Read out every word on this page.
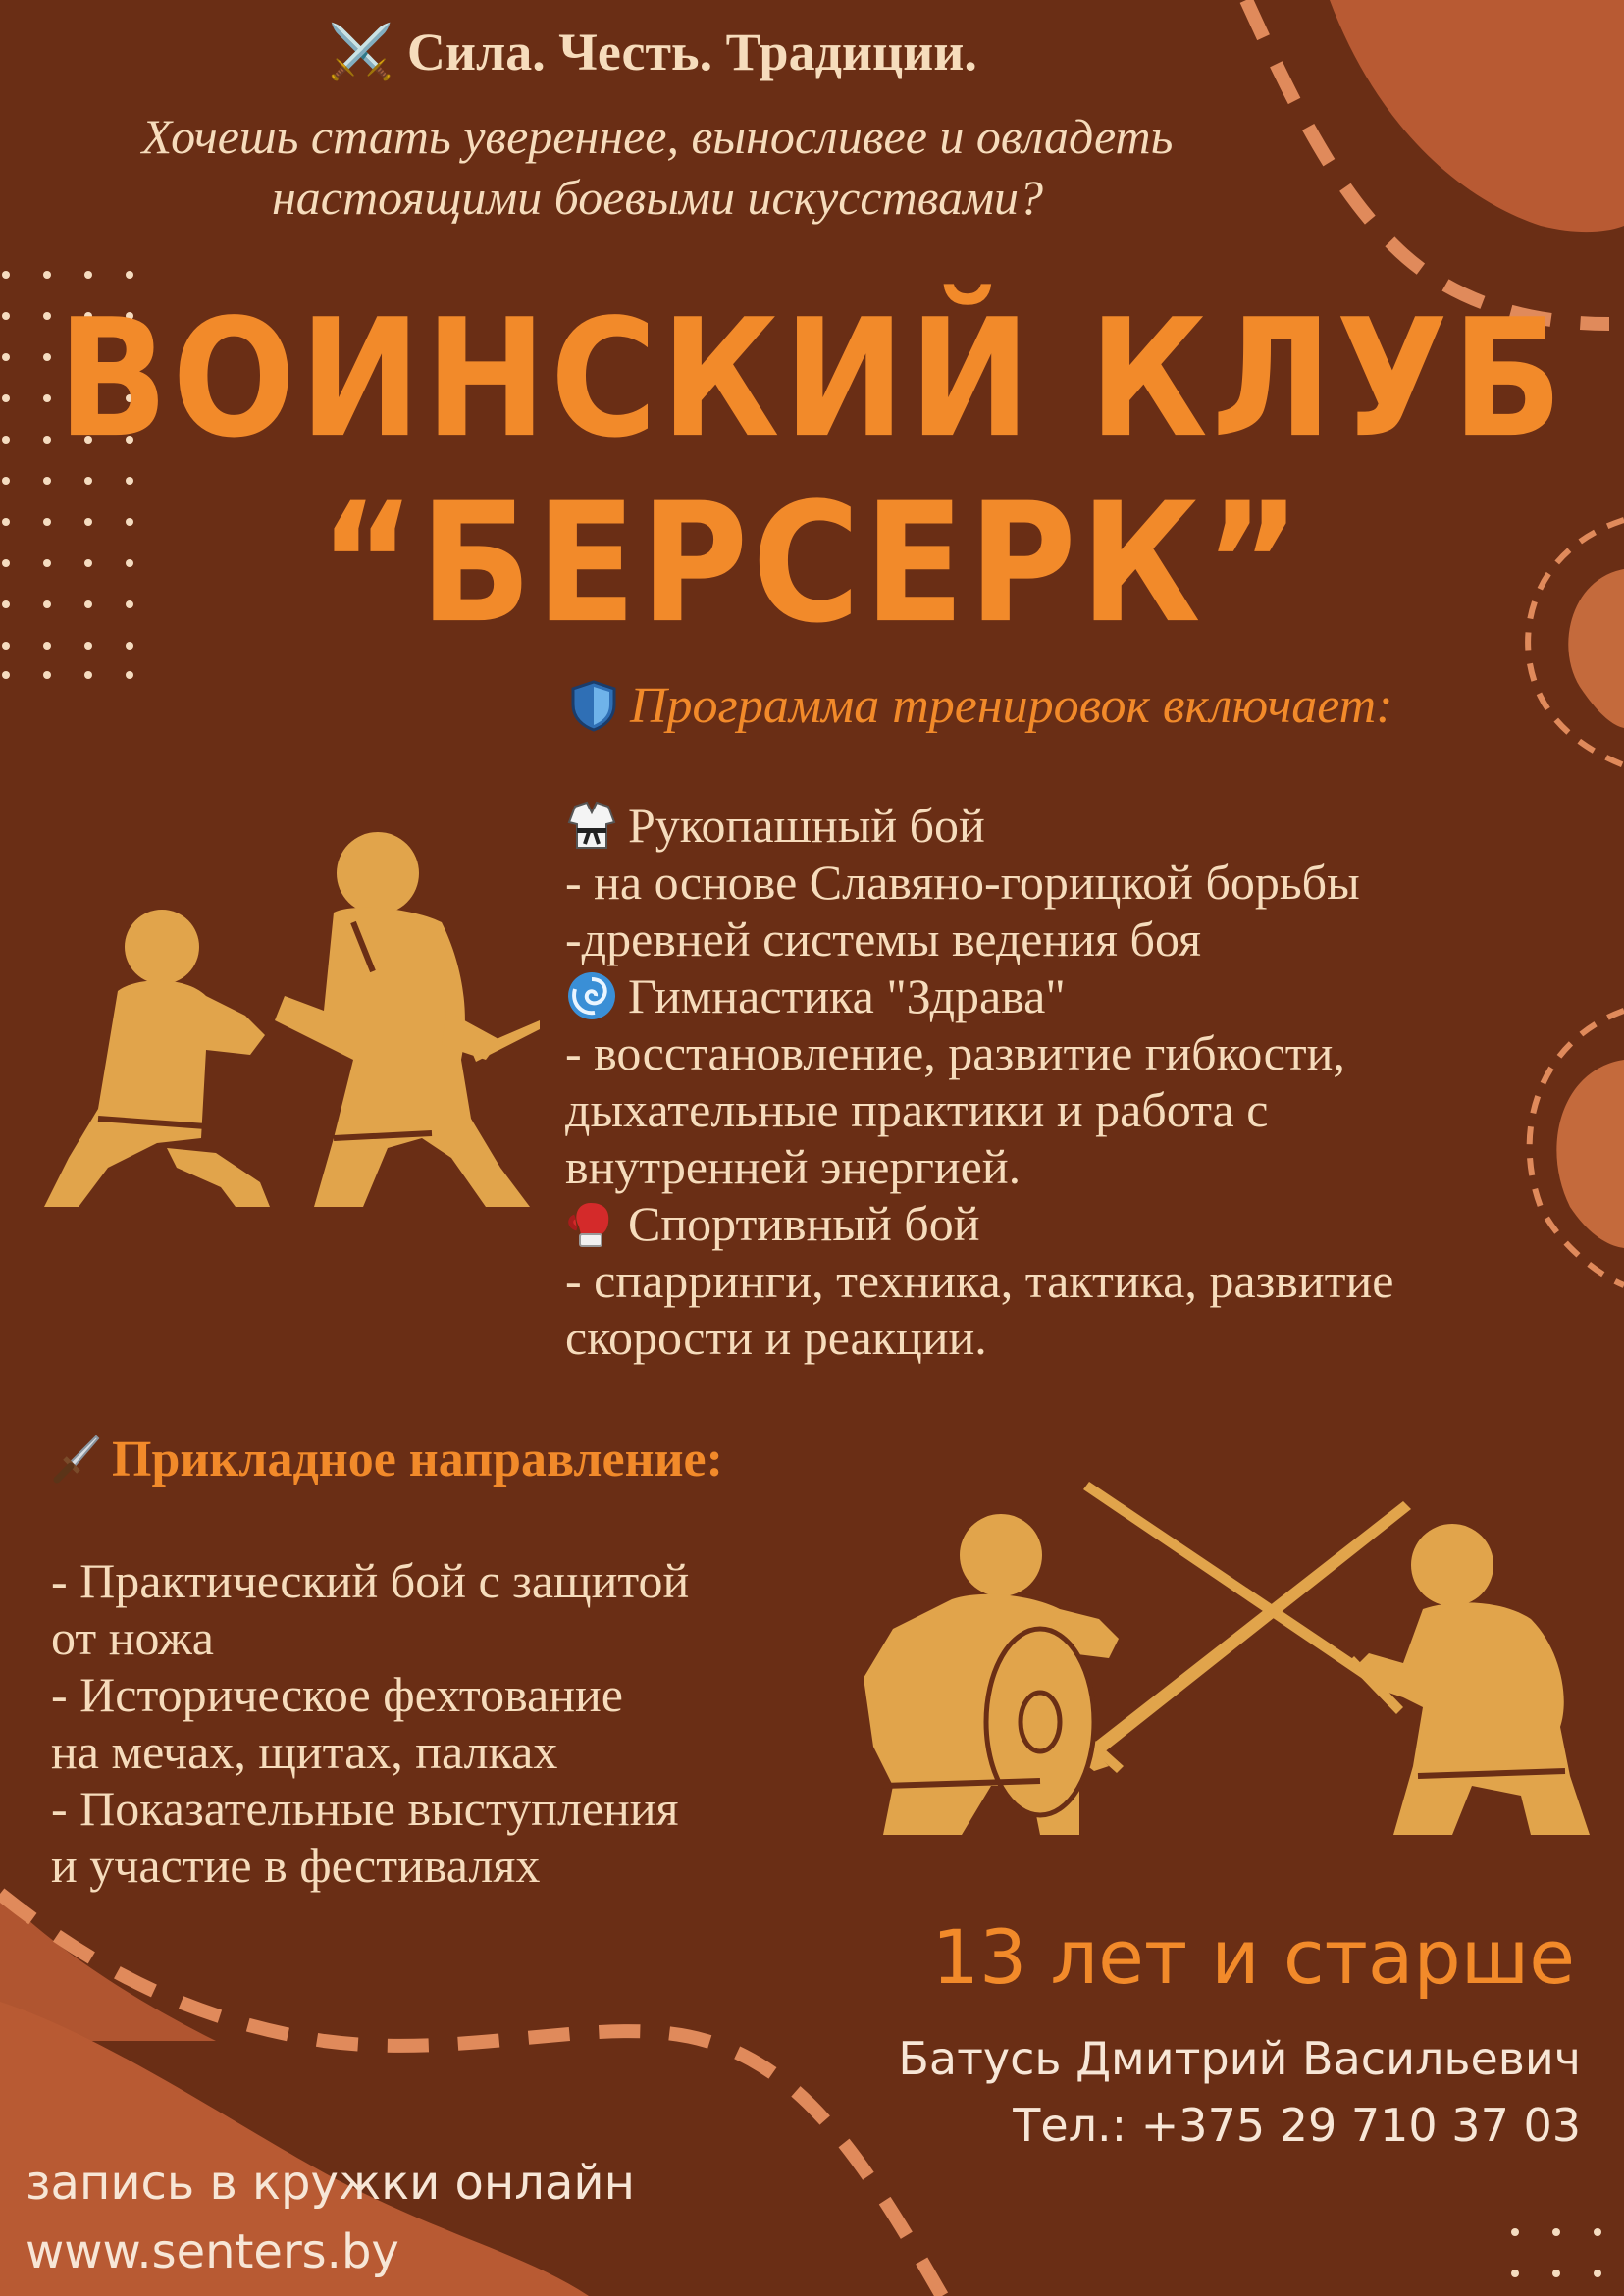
⚔️ Сила. Честь. Традиции.
Хочешь стать увереннее, выносливее и овладеть
настоящими боевыми искусствами?
ВОИНСКИЙ КЛУБ
“БЕРСЕРК”
Программа тренировок включает:
Рукопашный бой
- на основе Славяно-горицкой борьбы
-древней системы ведения боя
Гимнастика "Здрава"
- восстановление, развитие гибкости,
дыхательные практики и работа с
внутренней энергией.
Спортивный бой
- спарринги, техника, тактика, развитие
скорости и реакции.
Прикладное направление:
- Практический бой с защитой
от ножа
- Историческое фехтование
на мечах, щитах, палках
- Показательные выступления
и участие в фестивалях
13 лет и старше
Батусь Дмитрий Васильевич
Тел.: +375 29 710 37 03
запись в кружки онлайн
www.senters.by
